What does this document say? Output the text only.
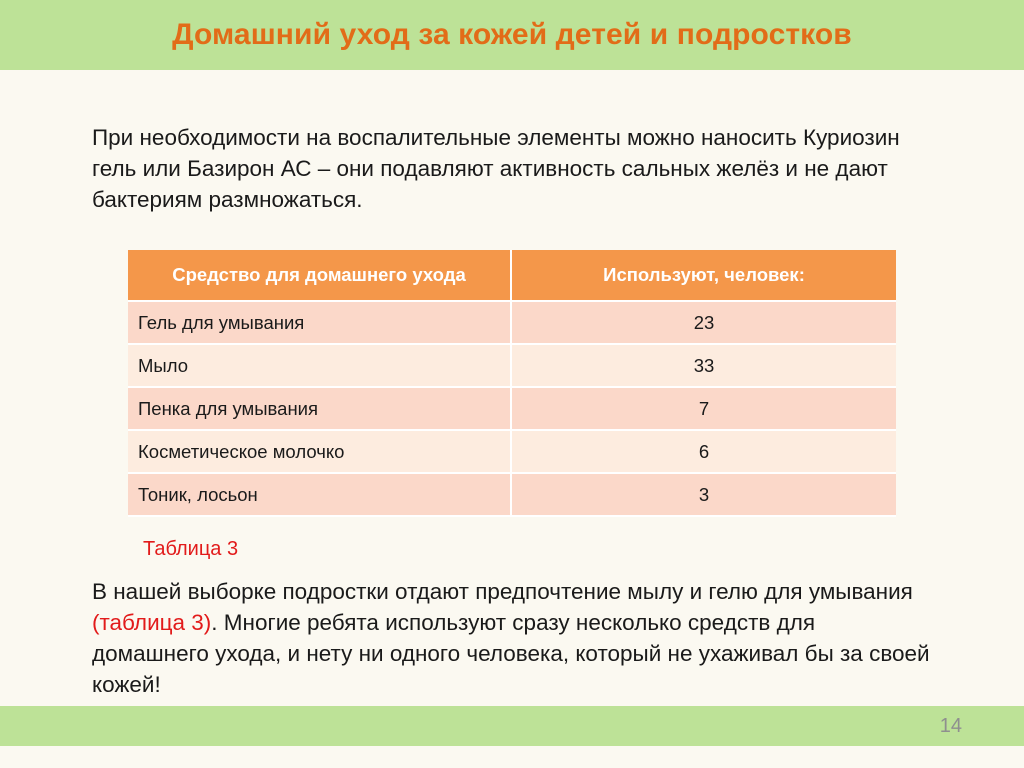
Домашний уход за кожей детей и подростков

При необходимости на воспалительные элементы можно наносить Куриозин гель или Базирон АС – они подавляют активность сальных желёз и не дают бактериям размножаться.

Средство для домашнего ухода	Используют, человек:
Гель для умывания	23
Мыло	33
Пенка для умывания	7
Косметическое молочко	6
Тоник, лосьон	3

Таблица 3

В нашей выборке подростки отдают предпочтение мылу и гелю для умывания (таблица 3). Многие ребята используют сразу несколько средств для домашнего ухода, и нету ни одного человека, который не ухаживал бы за своей кожей!

14
